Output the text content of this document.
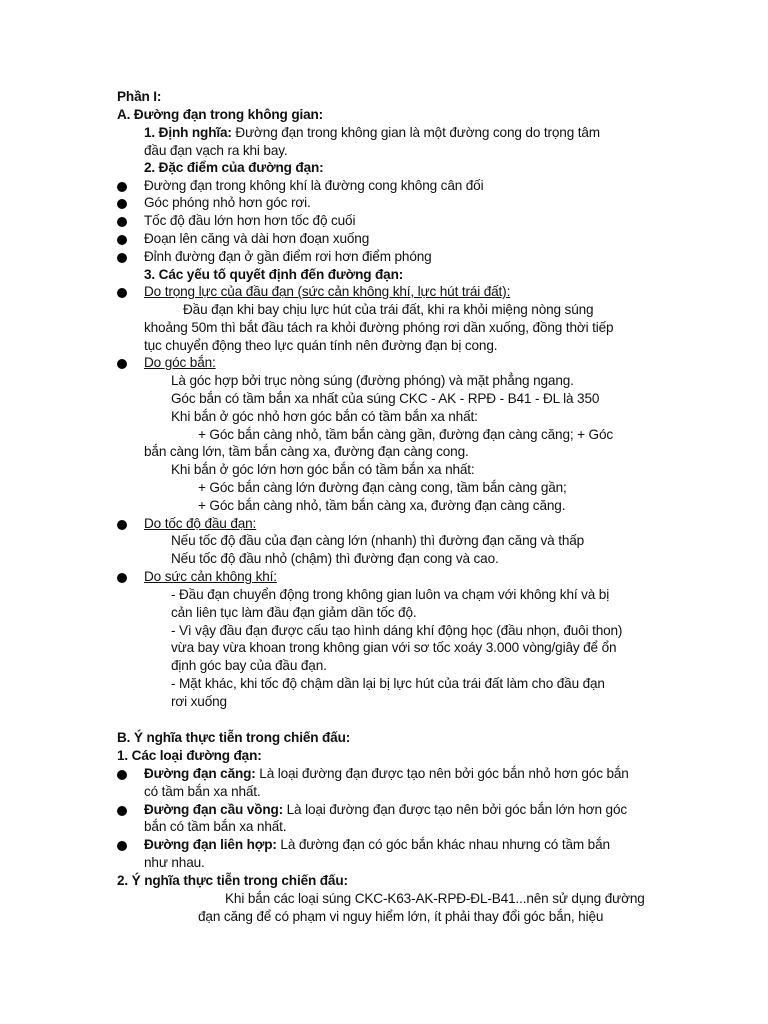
Phần I:
A. Đường đạn trong không gian:
1. Định nghĩa: Đường đạn trong không gian là một đường cong do trọng tâm
đầu đạn vạch ra khi bay.
2. Đặc điểm của đường đạn:
Đường đạn trong không khí là đường cong không cân đối
Góc phóng nhỏ hơn góc rơi.
Tốc độ đầu lớn hơn hơn tốc độ cuối
Đoạn lên căng và dài hơn đoạn xuống
Đỉnh đường đạn ở gần điểm rơi hơn điểm phóng
3. Các yếu tố quyết định đến đường đạn:
Do trọng lực của đầu đạn (sức cản không khí, lực hút trái đất):
Đầu đạn khi bay chịu lực hút của trái đất, khi ra khỏi miệng nòng súng
khoảng 50m thì bắt đầu tách ra khỏi đường phóng rơi dần xuống, đồng thời tiếp
tục chuyển động theo lực quán tính nên đường đạn bị cong.
Do góc bắn:
Là góc hợp bởi trục nòng súng (đường phóng) và mặt phẳng ngang.
Góc bắn có tầm bắn xa nhất của súng CKC - AK - RPĐ - B41 - ĐL là 350
Khi bắn ở góc nhỏ hơn góc bắn có tầm bắn xa nhất:
+ Góc bắn càng nhỏ, tầm bắn càng gần, đường đạn càng căng; + Góc
bắn càng lớn, tầm bắn càng xa, đường đạn càng cong.
Khi bắn ở góc lớn hơn góc bắn có tầm bắn xa nhất:
+ Góc bắn càng lớn đường đạn càng cong, tầm bắn càng gần;
+ Góc bắn càng nhỏ, tầm bắn càng xa, đường đạn càng căng.
Do tốc độ đầu đạn:
Nếu tốc độ đầu của đạn càng lớn (nhanh) thì đường đạn căng và thấp
Nếu tốc độ đầu nhỏ (chậm) thì đường đạn cong và cao.
Do sức cản không khí:
- Đầu đạn chuyển động trong không gian luôn va chạm với không khí và bị
cản liên tục làm đầu đạn giảm dần tốc độ.
- Vì vậy đầu đạn được cấu tạo hình dáng khí động học (đầu nhọn, đuôi thon)
vừa bay vừa khoan trong không gian với sơ tốc xoáy 3.000 vòng/giây để ổn
định góc bay của đầu đạn.
- Mặt khác, khi tốc độ chậm dần lại bị lực hút của trái đất làm cho đầu đạn
rơi xuống
B. Ý nghĩa thực tiễn trong chiến đấu:
1. Các loại đường đạn:
Đường đạn căng: Là loại đường đạn được tạo nên bởi góc bắn nhỏ hơn góc bắn
có tầm bắn xa nhất.
Đường đạn cầu vồng: Là loại đường đạn được tạo nên bởi góc bắn lớn hơn góc
bắn có tầm bắn xa nhất.
Đường đạn liên hợp: Là đường đạn có góc bắn khác nhau nhưng có tầm bắn
như nhau.
2. Ý nghĩa thực tiễn trong chiến đấu:
Khi bắn các loại súng CKC-K63-AK-RPĐ-ĐL-B41...nên sử dụng đường
đạn căng để có phạm vi nguy hiểm lớn, ít phải thay đổi góc bắn, hiệu
